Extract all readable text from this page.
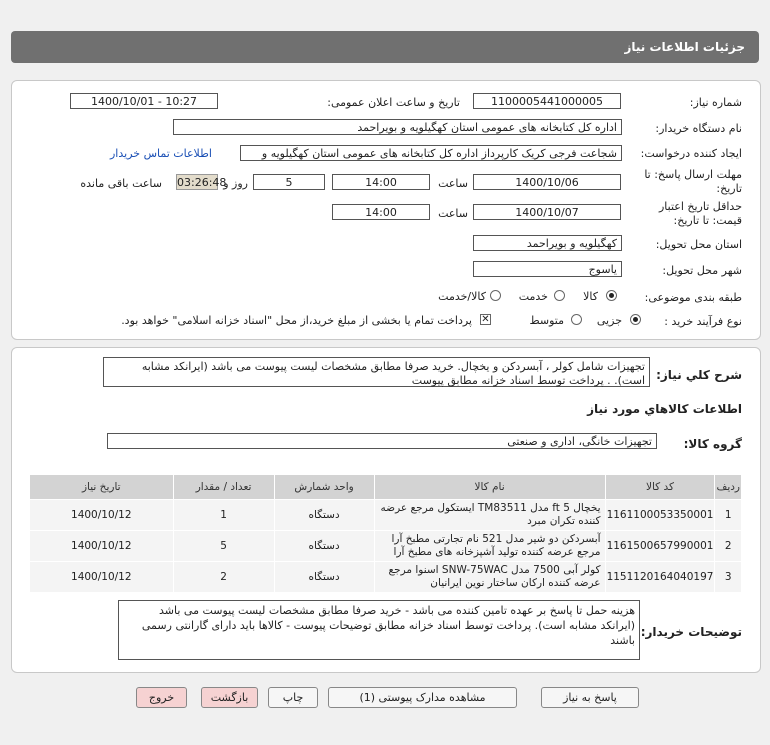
جزئیات اطلاعات نیاز
شماره نیاز:
1100005441000005
تاریخ و ساعت اعلان عمومی:
1400/10/01 - 10:27
نام دستگاه خریدار:
اداره کل کتابخانه های عمومی استان کهگیلویه و بویراحمد
ایجاد کننده درخواست:
شجاعت فرجی کریک کارپرداز اداره کل کتابخانه های عمومی استان کهگیلویه و
اطلاعات تماس خریدار
مهلت ارسال پاسخ: تا
تاریخ:
1400/10/06
ساعت
14:00
5
روز و
03:26:48
ساعت باقی مانده
حداقل تاریخ اعتبار
قیمت: تا تاریخ:
1400/10/07
ساعت
14:00
استان محل تحویل:
کهگیلویه و بویراحمد
شهر محل تحویل:
یاسوج
طبقه بندی موضوعی:
کالا
خدمت
کالا/خدمت
نوع فرآیند خرید :
جزیی
متوسط
✕
پرداخت تمام یا بخشی از مبلغ خرید،از محل "اسناد خزانه اسلامی" خواهد بود.
شرح کلي نياز:
تجهیزات شامل کولر ، آبسردکن و یخچال. خرید صرفا مطابق مشخصات لیست پیوست می باشد (ایرانکد مشابه است). . پرداخت توسط اسناد خزانه مطابق پیوست
اطلاعات کالاهاي مورد نياز
گروه کالا:
تجهیزات خانگی، اداری و صنعتی
ردیف	کد کالا	نام کالا	واحد شمارش	تعداد / مقدار	تاریخ نیاز
1	1161100053350001	یخچال 5 ft مدل TM83511 ایستکول مرجع عرضه کننده تکران مبرد	دستگاه	1	1400/10/12
2	1161500657990001	آبسردکن دو شیر مدل 521 نام تجارتی مطبخ آرا مرجع عرضه کننده تولید آشپزخانه های مطبخ آرا	دستگاه	5	1400/10/12
3	1151120164040197	کولر آبی 7500 مدل SNW-75WAC اسنوا مرجع عرضه کننده ارکان ساختار نوین ایرانیان	دستگاه	2	1400/10/12
توضیحات خریدار:
هزینه حمل تا پاسخ بر عهده تامین کننده می باشد - خرید صرفا مطابق مشخصات لیست پیوست می باشد (ایرانکد مشابه است). پرداخت توسط اسناد خزانه مطابق توضیحات پیوست - کالاها باید دارای گارانتی رسمی باشند
پاسخ به نیاز
مشاهده مدارک پیوستی (1)
چاپ
بازگشت
خروج
